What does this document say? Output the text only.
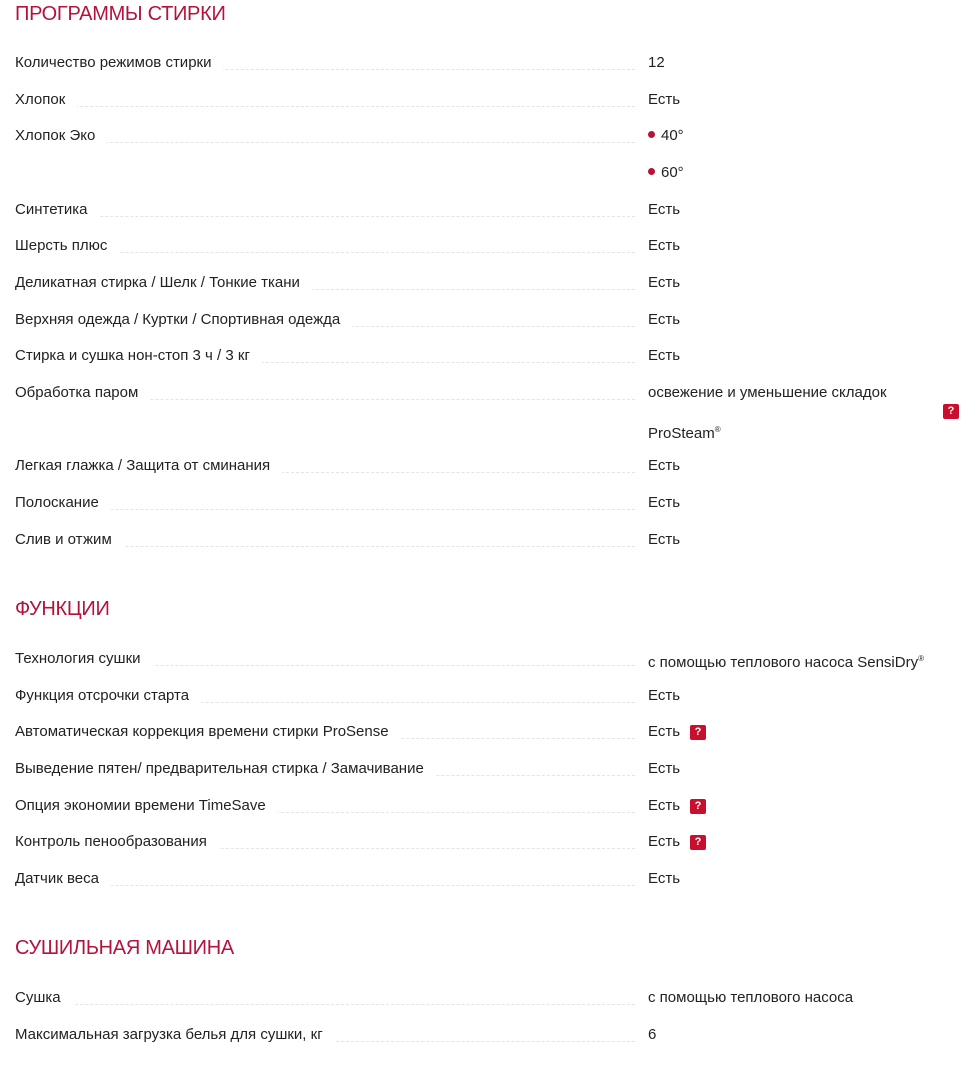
ПРОГРАММЫ СТИРКИ
Количество режимов стирки	12
Хлопок	Есть
Хлопок Эко	40°
60°
Синтетика	Есть
Шерсть плюс	Есть
Деликатная стирка / Шелк / Тонкие ткани	Есть
Верхняя одежда / Куртки / Спортивная одежда	Есть
Стирка и сушка нон-стоп 3 ч / 3 кг	Есть
Обработка паром	освежение и уменьшение складок
ProSteam®
?
Легкая глажка / Защита от сминания	Есть
Полоскание	Есть
Слив и отжим	Есть
ФУНКЦИИ
Технология сушки	с помощью теплового насоса SensiDry®
Функция отсрочки старта	Есть
Автоматическая коррекция времени стирки ProSense	Есть ?
Выведение пятен/ предварительная стирка / Замачивание	Есть
Опция экономии времени TimeSave	Есть ?
Контроль пенообразования	Есть ?
Датчик веса	Есть
СУШИЛЬНАЯ МАШИНА
Сушка	с помощью теплового насоса
Максимальная загрузка белья для сушки, кг	6
